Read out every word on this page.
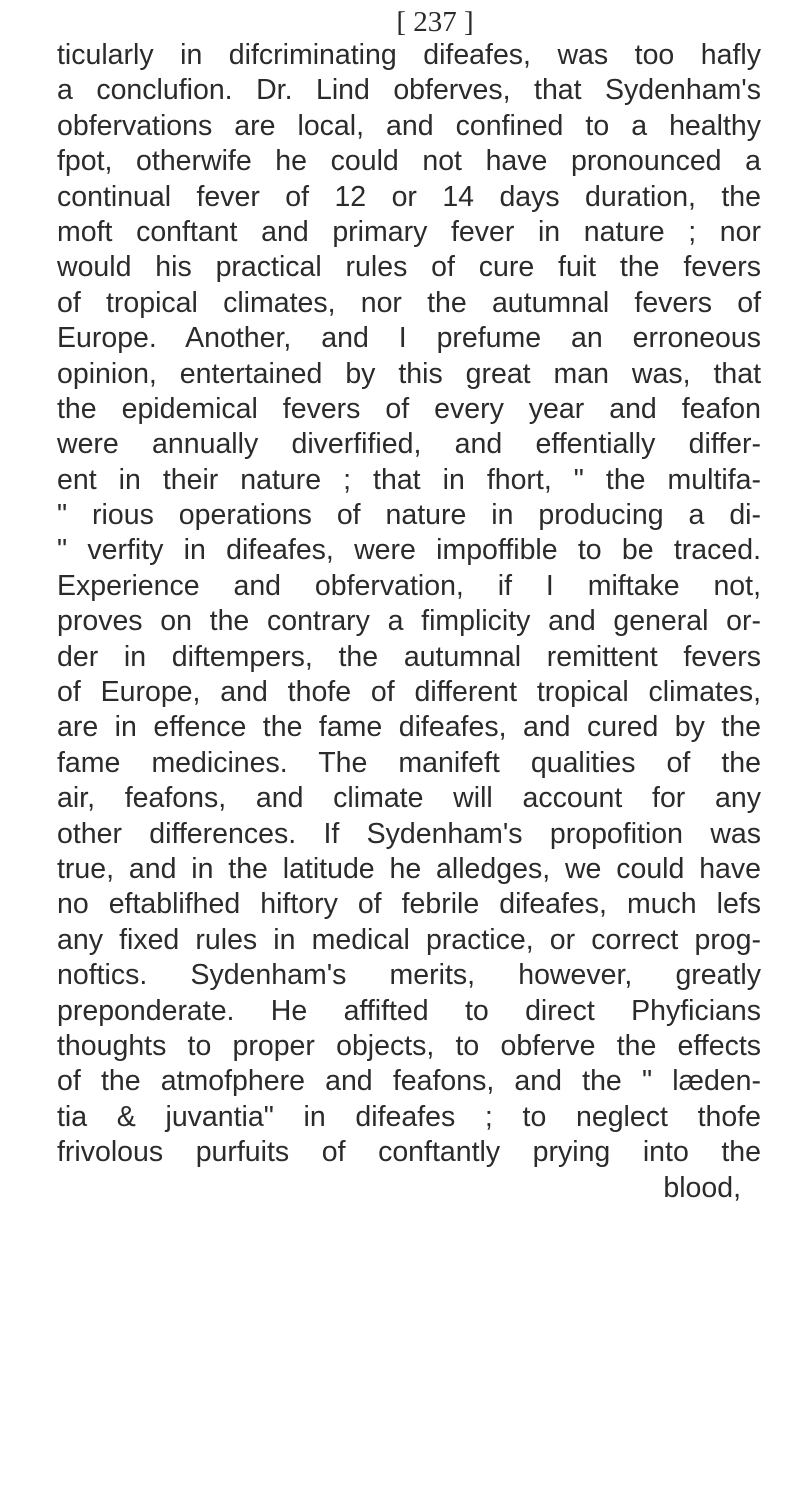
[ 237 ]
ticularly in difcriminating difeafes, was too hafly
a conclufion. Dr. Lind obferves, that Sydenham's
obfervations are local, and confined to a healthy
fpot, otherwife he could not have pronounced a
continual fever of 12 or 14 days duration, the
moft conftant and primary fever in nature ; nor
would his practical rules of cure fuit the fevers
of tropical climates, nor the autumnal fevers of
Europe. Another, and I prefume an erroneous
opinion, entertained by this great man was, that
the epidemical fevers of every year and feafon
were annually diverfified, and effentially differ-
ent in their nature ; that in fhort, " the multifa-
" rious operations of nature in producing a di-
" verfity in difeafes, were impoffible to be traced.
Experience and obfervation, if I miftake not,
proves on the contrary a fimplicity and general or-
der in diftempers, the autumnal remittent fevers
of Europe, and thofe of different tropical climates,
are in effence the fame difeafes, and cured by the
fame medicines. The manifeft qualities of the
air, feafons, and climate will account for any
other differences. If Sydenham's propofition was
true, and in the latitude he alledges, we could have
no eftablifhed hiftory of febrile difeafes, much lefs
any fixed rules in medical practice, or correct prog-
noftics. Sydenham's merits, however, greatly
preponderate. He affifted to direct Phyficians
thoughts to proper objects, to obferve the effects
of the atmofphere and feafons, and the " læden-
tia & juvantia" in difeafes ; to neglect thofe
frivolous purfuits of conftantly prying into the
blood,
